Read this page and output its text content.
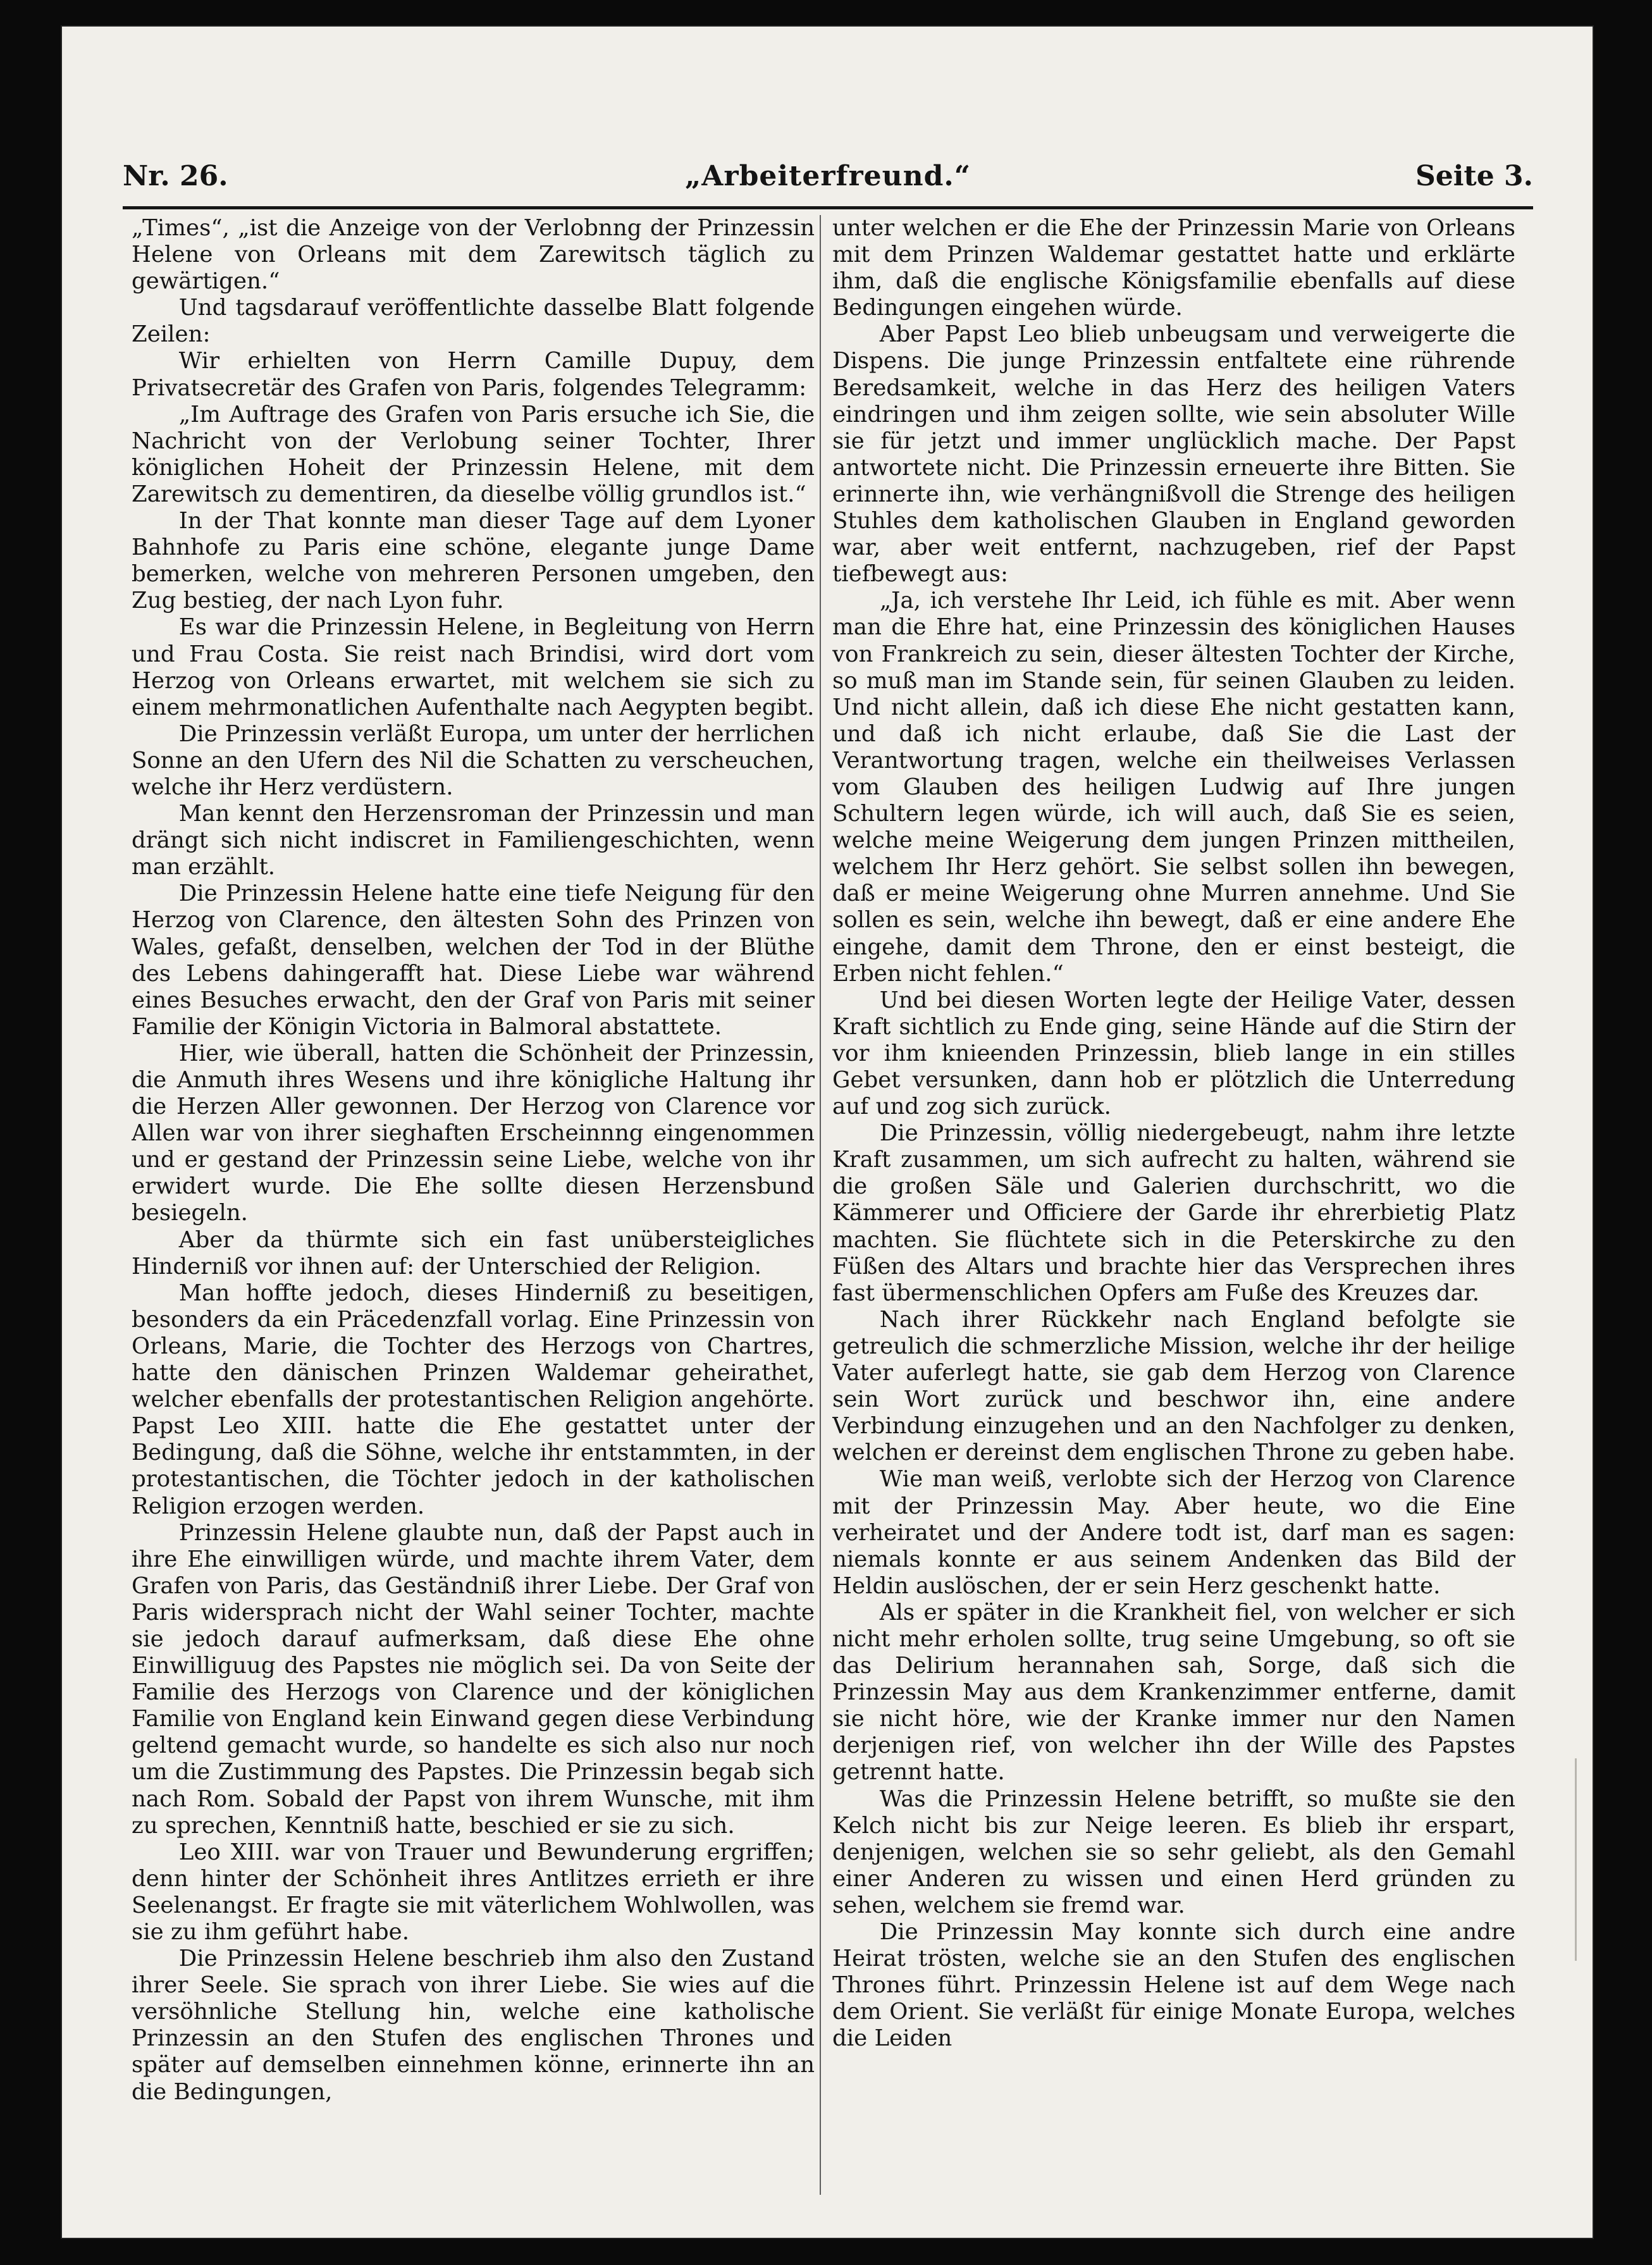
Nr. 26.	„Arbeiterfreund.“	Seite 3.

„Times“, „ist die Anzeige von der Verlobnng der Prinzessin Helene von Orleans mit dem Zarewitsch täglich zu gewärtigen.“

Und tagsdarauf veröffentlichte dasselbe Blatt folgende Zeilen:

Wir erhielten von Herrn Camille Dupuy, dem Privatsecretär des Grafen von Paris, folgendes Telegramm:

„Im Auftrage des Grafen von Paris ersuche ich Sie, die Nachricht von der Verlobung seiner Tochter, Ihrer königlichen Hoheit der Prinzessin Helene, mit dem Zarewitsch zu dementiren, da dieselbe völlig grundlos ist.“

In der That konnte man dieser Tage auf dem Lyoner Bahnhofe zu Paris eine schöne, elegante junge Dame bemerken, welche von mehreren Personen umgeben, den Zug bestieg, der nach Lyon fuhr.

Es war die Prinzessin Helene, in Begleitung von Herrn und Frau Costa. Sie reist nach Brindisi, wird dort vom Herzog von Orleans erwartet, mit welchem sie sich zu einem mehrmonatlichen Aufenthalte nach Aegypten begibt.

Die Prinzessin verläßt Europa, um unter der herrlichen Sonne an den Ufern des Nil die Schatten zu verscheuchen, welche ihr Herz verdüstern.

Man kennt den Herzensroman der Prinzessin und man drängt sich nicht indiscret in Familiengeschichten, wenn man erzählt.

Die Prinzessin Helene hatte eine tiefe Neigung für den Herzog von Clarence, den ältesten Sohn des Prinzen von Wales, gefaßt, denselben, welchen der Tod in der Blüthe des Lebens dahingerafft hat. Diese Liebe war während eines Besuches erwacht, den der Graf von Paris mit seiner Familie der Königin Victoria in Balmoral abstattete.

Hier, wie überall, hatten die Schönheit der Prinzessin, die Anmuth ihres Wesens und ihre königliche Haltung ihr die Herzen Aller gewonnen. Der Herzog von Clarence vor Allen war von ihrer sieghaften Erscheinnng eingenommen und er gestand der Prinzessin seine Liebe, welche von ihr erwidert wurde. Die Ehe sollte diesen Herzensbund besiegeln.

Aber da thürmte sich ein fast unübersteigliches Hinderniß vor ihnen auf: der Unterschied der Religion.

Man hoffte jedoch, dieses Hinderniß zu beseitigen, besonders da ein Präcedenzfall vorlag. Eine Prinzessin von Orleans, Marie, die Tochter des Herzogs von Chartres, hatte den dänischen Prinzen Waldemar geheirathet, welcher ebenfalls der protestantischen Religion angehörte. Papst Leo XIII. hatte die Ehe gestattet unter der Bedingung, daß die Söhne, welche ihr entstammten, in der protestantischen, die Töchter jedoch in der katholischen Religion erzogen werden.

Prinzessin Helene glaubte nun, daß der Papst auch in ihre Ehe einwilligen würde, und machte ihrem Vater, dem Grafen von Paris, das Geständniß ihrer Liebe. Der Graf von Paris widersprach nicht der Wahl seiner Tochter, machte sie jedoch darauf aufmerksam, daß diese Ehe ohne Einwilliguug des Papstes nie möglich sei. Da von Seite der Familie des Herzogs von Clarence und der königlichen Familie von England kein Einwand gegen diese Verbindung geltend gemacht wurde, so handelte es sich also nur noch um die Zustimmung des Papstes. Die Prinzessin begab sich nach Rom. Sobald der Papst von ihrem Wunsche, mit ihm zu sprechen, Kenntniß hatte, beschied er sie zu sich.

Leo XIII. war von Trauer und Bewunderung ergriffen; denn hinter der Schönheit ihres Antlitzes errieth er ihre Seelenangst. Er fragte sie mit väterlichem Wohlwollen, was sie zu ihm geführt habe.

Die Prinzessin Helene beschrieb ihm also den Zustand ihrer Seele. Sie sprach von ihrer Liebe. Sie wies auf die versöhnliche Stellung hin, welche eine katholische Prinzessin an den Stufen des englischen Thrones und später auf demselben einnehmen könne, erinnerte ihn an die Bedingungen,

unter welchen er die Ehe der Prinzessin Marie von Orleans mit dem Prinzen Waldemar gestattet hatte und erklärte ihm, daß die englische Königsfamilie ebenfalls auf diese Bedingungen eingehen würde.

Aber Papst Leo blieb unbeugsam und verweigerte die Dispens. Die junge Prinzessin entfaltete eine rührende Beredsamkeit, welche in das Herz des heiligen Vaters eindringen und ihm zeigen sollte, wie sein absoluter Wille sie für jetzt und immer unglücklich mache. Der Papst antwortete nicht. Die Prinzessin erneuerte ihre Bitten. Sie erinnerte ihn, wie verhängnißvoll die Strenge des heiligen Stuhles dem katholischen Glauben in England geworden war, aber weit entfernt, nachzugeben, rief der Papst tiefbewegt aus:

„Ja, ich verstehe Ihr Leid, ich fühle es mit. Aber wenn man die Ehre hat, eine Prinzessin des königlichen Hauses von Frankreich zu sein, dieser ältesten Tochter der Kirche, so muß man im Stande sein, für seinen Glauben zu leiden. Und nicht allein, daß ich diese Ehe nicht gestatten kann, und daß ich nicht erlaube, daß Sie die Last der Verantwortung tragen, welche ein theilweises Verlassen vom Glauben des heiligen Ludwig auf Ihre jungen Schultern legen würde, ich will auch, daß Sie es seien, welche meine Weigerung dem jungen Prinzen mittheilen, welchem Ihr Herz gehört. Sie selbst sollen ihn bewegen, daß er meine Weigerung ohne Murren annehme. Und Sie sollen es sein, welche ihn bewegt, daß er eine andere Ehe eingehe, damit dem Throne, den er einst besteigt, die Erben nicht fehlen.“

Und bei diesen Worten legte der Heilige Vater, dessen Kraft sichtlich zu Ende ging, seine Hände auf die Stirn der vor ihm knieenden Prinzessin, blieb lange in ein stilles Gebet versunken, dann hob er plötzlich die Unterredung auf und zog sich zurück.

Die Prinzessin, völlig niedergebeugt, nahm ihre letzte Kraft zusammen, um sich aufrecht zu halten, während sie die großen Säle und Galerien durchschritt, wo die Kämmerer und Officiere der Garde ihr ehrerbietig Platz machten. Sie flüchtete sich in die Peterskirche zu den Füßen des Altars und brachte hier das Versprechen ihres fast übermenschlichen Opfers am Fuße des Kreuzes dar.

Nach ihrer Rückkehr nach England befolgte sie getreulich die schmerzliche Mission, welche ihr der heilige Vater auferlegt hatte, sie gab dem Herzog von Clarence sein Wort zurück und beschwor ihn, eine andere Verbindung einzugehen und an den Nachfolger zu denken, welchen er dereinst dem englischen Throne zu geben habe.

Wie man weiß, verlobte sich der Herzog von Clarence mit der Prinzessin May. Aber heute, wo die Eine verheiratet und der Andere todt ist, darf man es sagen: niemals konnte er aus seinem Andenken das Bild der Heldin auslöschen, der er sein Herz geschenkt hatte.

Als er später in die Krankheit fiel, von welcher er sich nicht mehr erholen sollte, trug seine Umgebung, so oft sie das Delirium herannahen sah, Sorge, daß sich die Prinzessin May aus dem Krankenzimmer entferne, damit sie nicht höre, wie der Kranke immer nur den Namen derjenigen rief, von welcher ihn der Wille des Papstes getrennt hatte.

Was die Prinzessin Helene betrifft, so mußte sie den Kelch nicht bis zur Neige leeren. Es blieb ihr erspart, denjenigen, welchen sie so sehr geliebt, als den Gemahl einer Anderen zu wissen und einen Herd gründen zu sehen, welchem sie fremd war.

Die Prinzessin May konnte sich durch eine andre Heirat trösten, welche sie an den Stufen des englischen Thrones führt. Prinzessin Helene ist auf dem Wege nach dem Orient. Sie verläßt für einige Monate Europa, welches die Leiden
